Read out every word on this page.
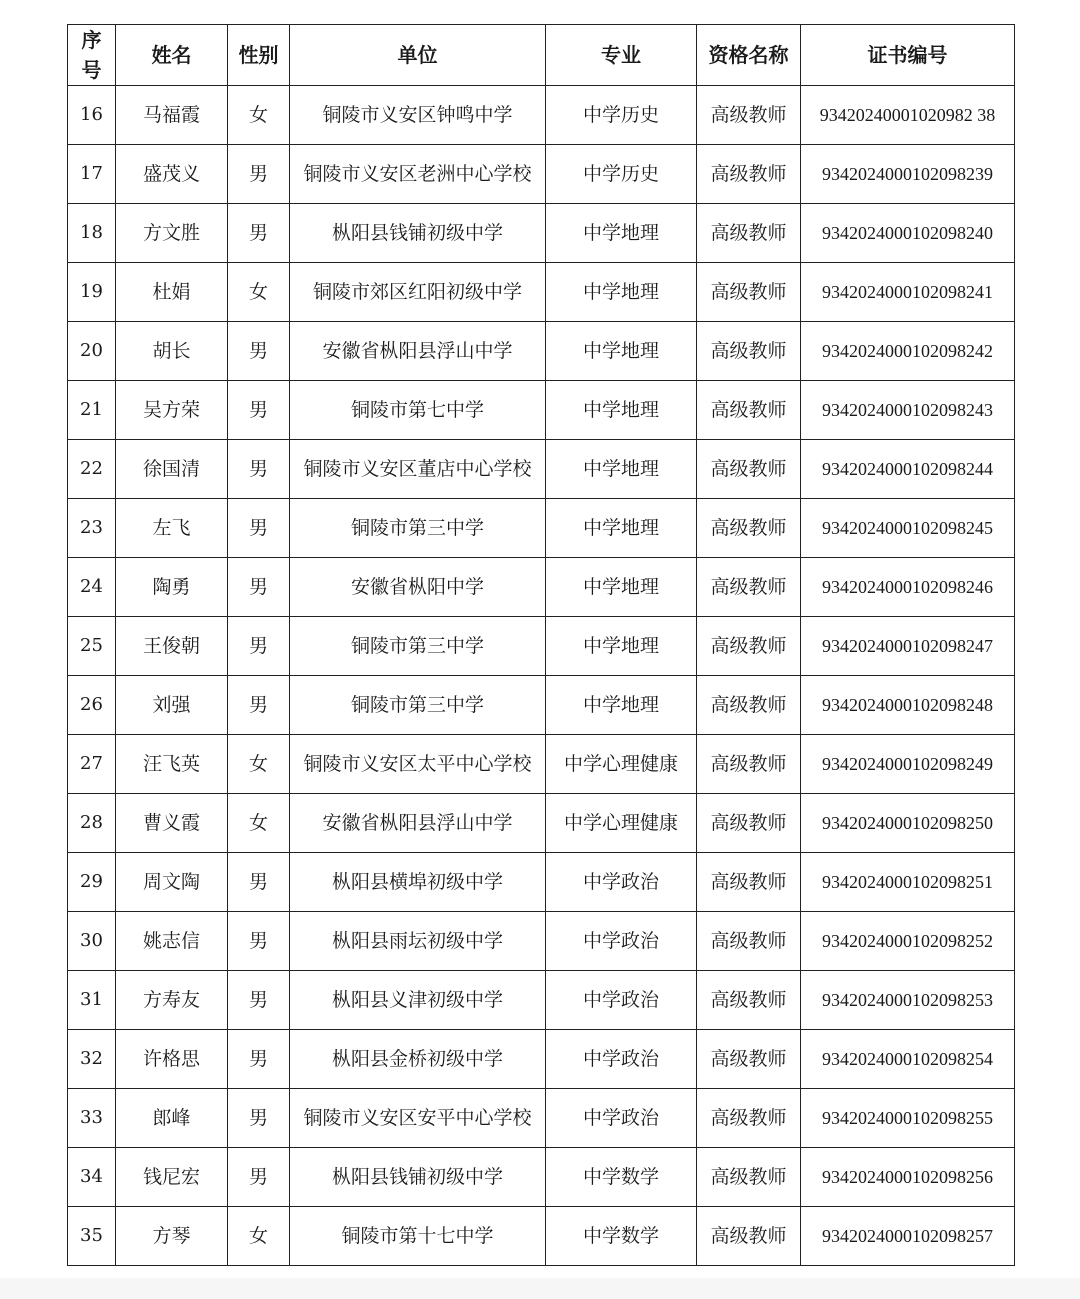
序号	姓名	性别	单位	专业	资格名称	证书编号
16	马福霞	女	铜陵市义安区钟鸣中学	中学历史	高级教师	93420240001020982 38
17	盛茂义	男	铜陵市义安区老洲中心学校	中学历史	高级教师	9342024000102098239
18	方文胜	男	枞阳县钱铺初级中学	中学地理	高级教师	9342024000102098240
19	杜娟	女	铜陵市郊区红阳初级中学	中学地理	高级教师	9342024000102098241
20	胡长	男	安徽省枞阳县浮山中学	中学地理	高级教师	9342024000102098242
21	吴方荣	男	铜陵市第七中学	中学地理	高级教师	9342024000102098243
22	徐国清	男	铜陵市义安区董店中心学校	中学地理	高级教师	9342024000102098244
23	左飞	男	铜陵市第三中学	中学地理	高级教师	9342024000102098245
24	陶勇	男	安徽省枞阳中学	中学地理	高级教师	9342024000102098246
25	王俊朝	男	铜陵市第三中学	中学地理	高级教师	9342024000102098247
26	刘强	男	铜陵市第三中学	中学地理	高级教师	9342024000102098248
27	汪飞英	女	铜陵市义安区太平中心学校	中学心理健康	高级教师	9342024000102098249
28	曹义霞	女	安徽省枞阳县浮山中学	中学心理健康	高级教师	9342024000102098250
29	周文陶	男	枞阳县横埠初级中学	中学政治	高级教师	9342024000102098251
30	姚志信	男	枞阳县雨坛初级中学	中学政治	高级教师	9342024000102098252
31	方寿友	男	枞阳县义津初级中学	中学政治	高级教师	9342024000102098253
32	许格思	男	枞阳县金桥初级中学	中学政治	高级教师	9342024000102098254
33	郎峰	男	铜陵市义安区安平中心学校	中学政治	高级教师	9342024000102098255
34	钱尼宏	男	枞阳县钱铺初级中学	中学数学	高级教师	9342024000102098256
35	方琴	女	铜陵市第十七中学	中学数学	高级教师	9342024000102098257
